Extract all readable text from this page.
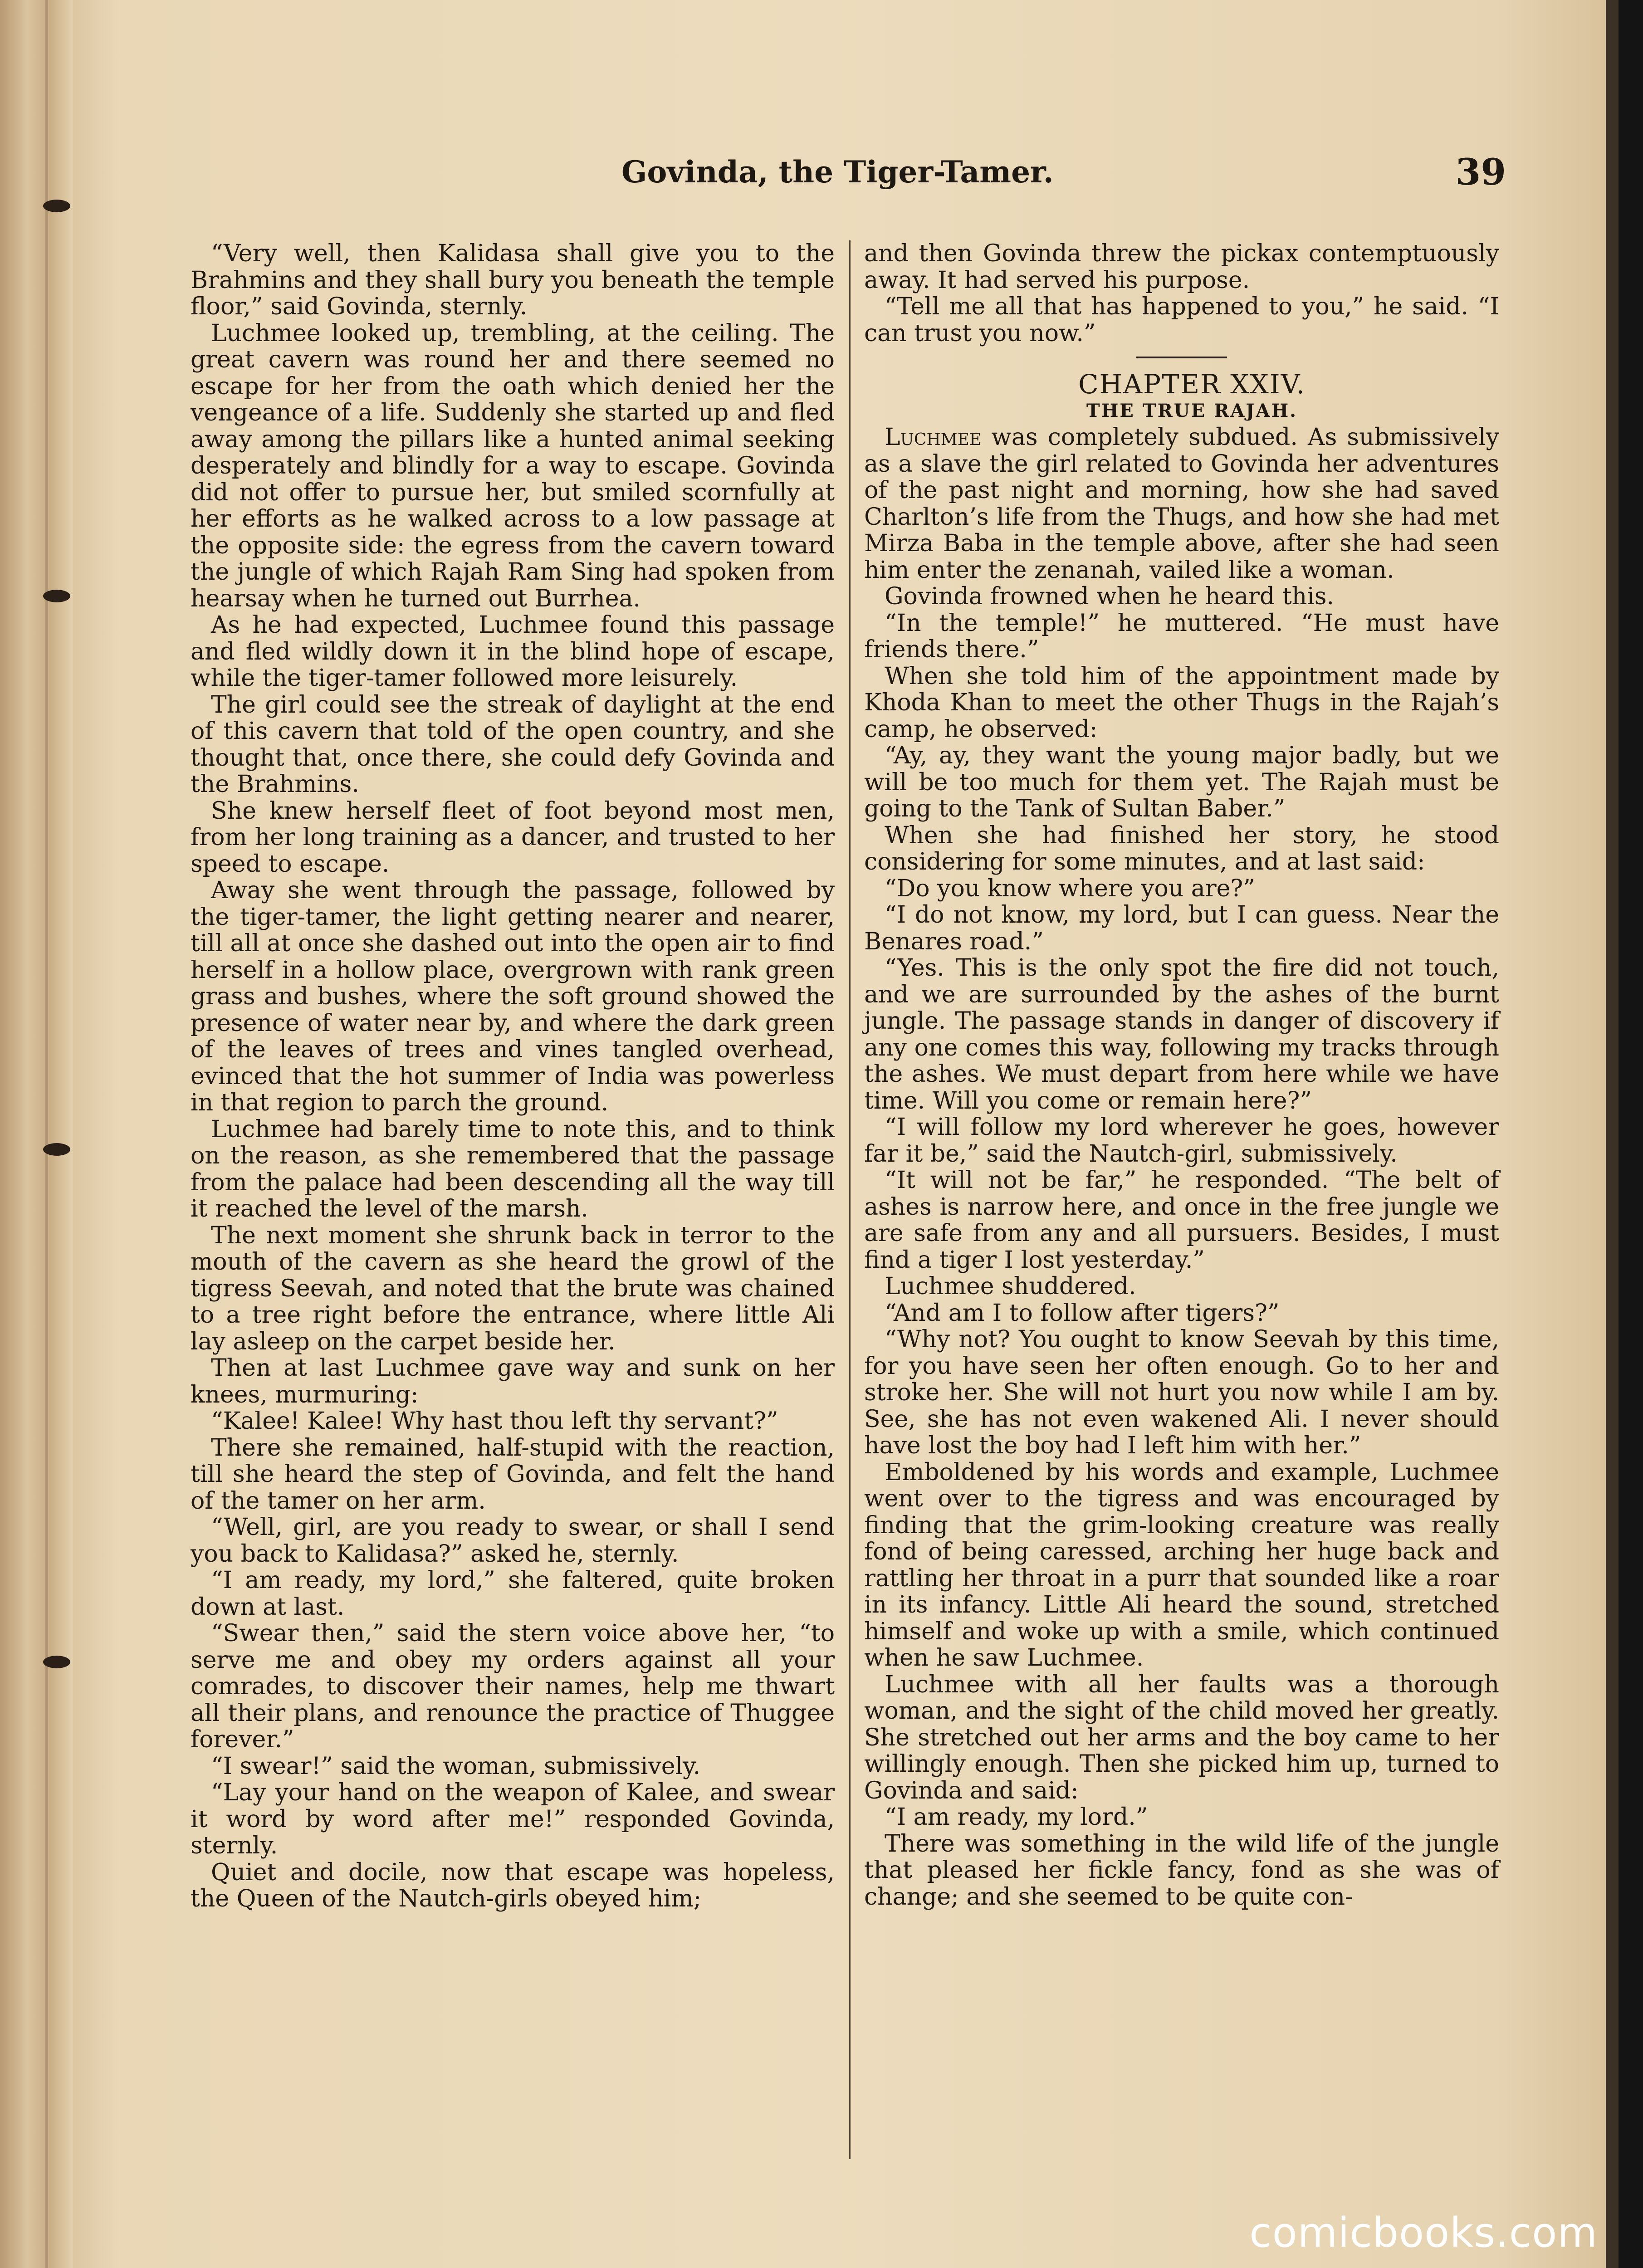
Govinda, the Tiger-Tamer.	39

“Very well, then Kalidasa shall give you to the Brahmins and they shall bury you beneath the temple floor,” said Govinda, sternly.

Luchmee looked up, trembling, at the ceiling. The great cavern was round her and there seemed no escape for her from the oath which denied her the vengeance of a life. Suddenly she started up and fled away among the pillars like a hunted animal seeking desperately and blindly for a way to escape. Govinda did not offer to pursue her, but smiled scornfully at her efforts as he walked across to a low passage at the opposite side: the egress from the cavern toward the jungle of which Rajah Ram Sing had spoken from hearsay when he turned out Burrhea.

As he had expected, Luchmee found this passage and fled wildly down it in the blind hope of escape, while the tiger-tamer followed more leisurely.

The girl could see the streak of daylight at the end of this cavern that told of the open country, and she thought that, once there, she could defy Govinda and the Brahmins.

She knew herself fleet of foot beyond most men, from her long training as a dancer, and trusted to her speed to escape.

Away she went through the passage, followed by the tiger-tamer, the light getting nearer and nearer, till all at once she dashed out into the open air to find herself in a hollow place, overgrown with rank green grass and bushes, where the soft ground showed the presence of water near by, and where the dark green of the leaves of trees and vines tangled overhead, evinced that the hot summer of India was powerless in that region to parch the ground.

Luchmee had barely time to note this, and to think on the reason, as she remembered that the passage from the palace had been descending all the way till it reached the level of the marsh.

The next moment she shrunk back in terror to the mouth of the cavern as she heard the growl of the tigress Seevah, and noted that the brute was chained to a tree right before the entrance, where little Ali lay asleep on the carpet beside her.

Then at last Luchmee gave way and sunk on her knees, murmuring:

“Kalee! Kalee! Why hast thou left thy servant?”

There she remained, half-stupid with the reaction, till she heard the step of Govinda, and felt the hand of the tamer on her arm.

“Well, girl, are you ready to swear, or shall I send you back to Kalidasa?” asked he, sternly.

“I am ready, my lord,” she faltered, quite broken down at last.

“Swear then,” said the stern voice above her, “to serve me and obey my orders against all your comrades, to discover their names, help me thwart all their plans, and renounce the practice of Thuggee forever.”

“I swear!” said the woman, submissively.

“Lay your hand on the weapon of Kalee, and swear it word by word after me!” responded Govinda, sternly.

Quiet and docile, now that escape was hopeless, the Queen of the Nautch-girls obeyed him;

and then Govinda threw the pickax contemptuously away. It had served his purpose.

“Tell me all that has happened to you,” he said. “I can trust you now.”

CHAPTER XXIV.

THE TRUE RAJAH.

Luchmee was completely subdued. As submissively as a slave the girl related to Govinda her adventures of the past night and morning, how she had saved Charlton’s life from the Thugs, and how she had met Mirza Baba in the temple above, after she had seen him enter the zenanah, vailed like a woman.

Govinda frowned when he heard this.

“In the temple!” he muttered. “He must have friends there.”

When she told him of the appointment made by Khoda Khan to meet the other Thugs in the Rajah’s camp, he observed:

“Ay, ay, they want the young major badly, but we will be too much for them yet. The Rajah must be going to the Tank of Sultan Baber.”

When she had finished her story, he stood considering for some minutes, and at last said:

“Do you know where you are?”

“I do not know, my lord, but I can guess. Near the Benares road.”

“Yes. This is the only spot the fire did not touch, and we are surrounded by the ashes of the burnt jungle. The passage stands in danger of discovery if any one comes this way, following my tracks through the ashes. We must depart from here while we have time. Will you come or remain here?”

“I will follow my lord wherever he goes, however far it be,” said the Nautch-girl, submissively.

“It will not be far,” he responded. “The belt of ashes is narrow here, and once in the free jungle we are safe from any and all pursuers. Besides, I must find a tiger I lost yesterday.”

Luchmee shuddered.

“And am I to follow after tigers?”

“Why not? You ought to know Seevah by this time, for you have seen her often enough. Go to her and stroke her. She will not hurt you now while I am by. See, she has not even wakened Ali. I never should have lost the boy had I left him with her.”

Emboldened by his words and example, Luchmee went over to the tigress and was encouraged by finding that the grim-looking creature was really fond of being caressed, arching her huge back and rattling her throat in a purr that sounded like a roar in its infancy. Little Ali heard the sound, stretched himself and woke up with a smile, which continued when he saw Luchmee.

Luchmee with all her faults was a thorough woman, and the sight of the child moved her greatly. She stretched out her arms and the boy came to her willingly enough. Then she picked him up, turned to Govinda and said:

“I am ready, my lord.”

There was something in the wild life of the jungle that pleased her fickle fancy, fond as she was of change; and she seemed to be quite con-

comicbooks.com
